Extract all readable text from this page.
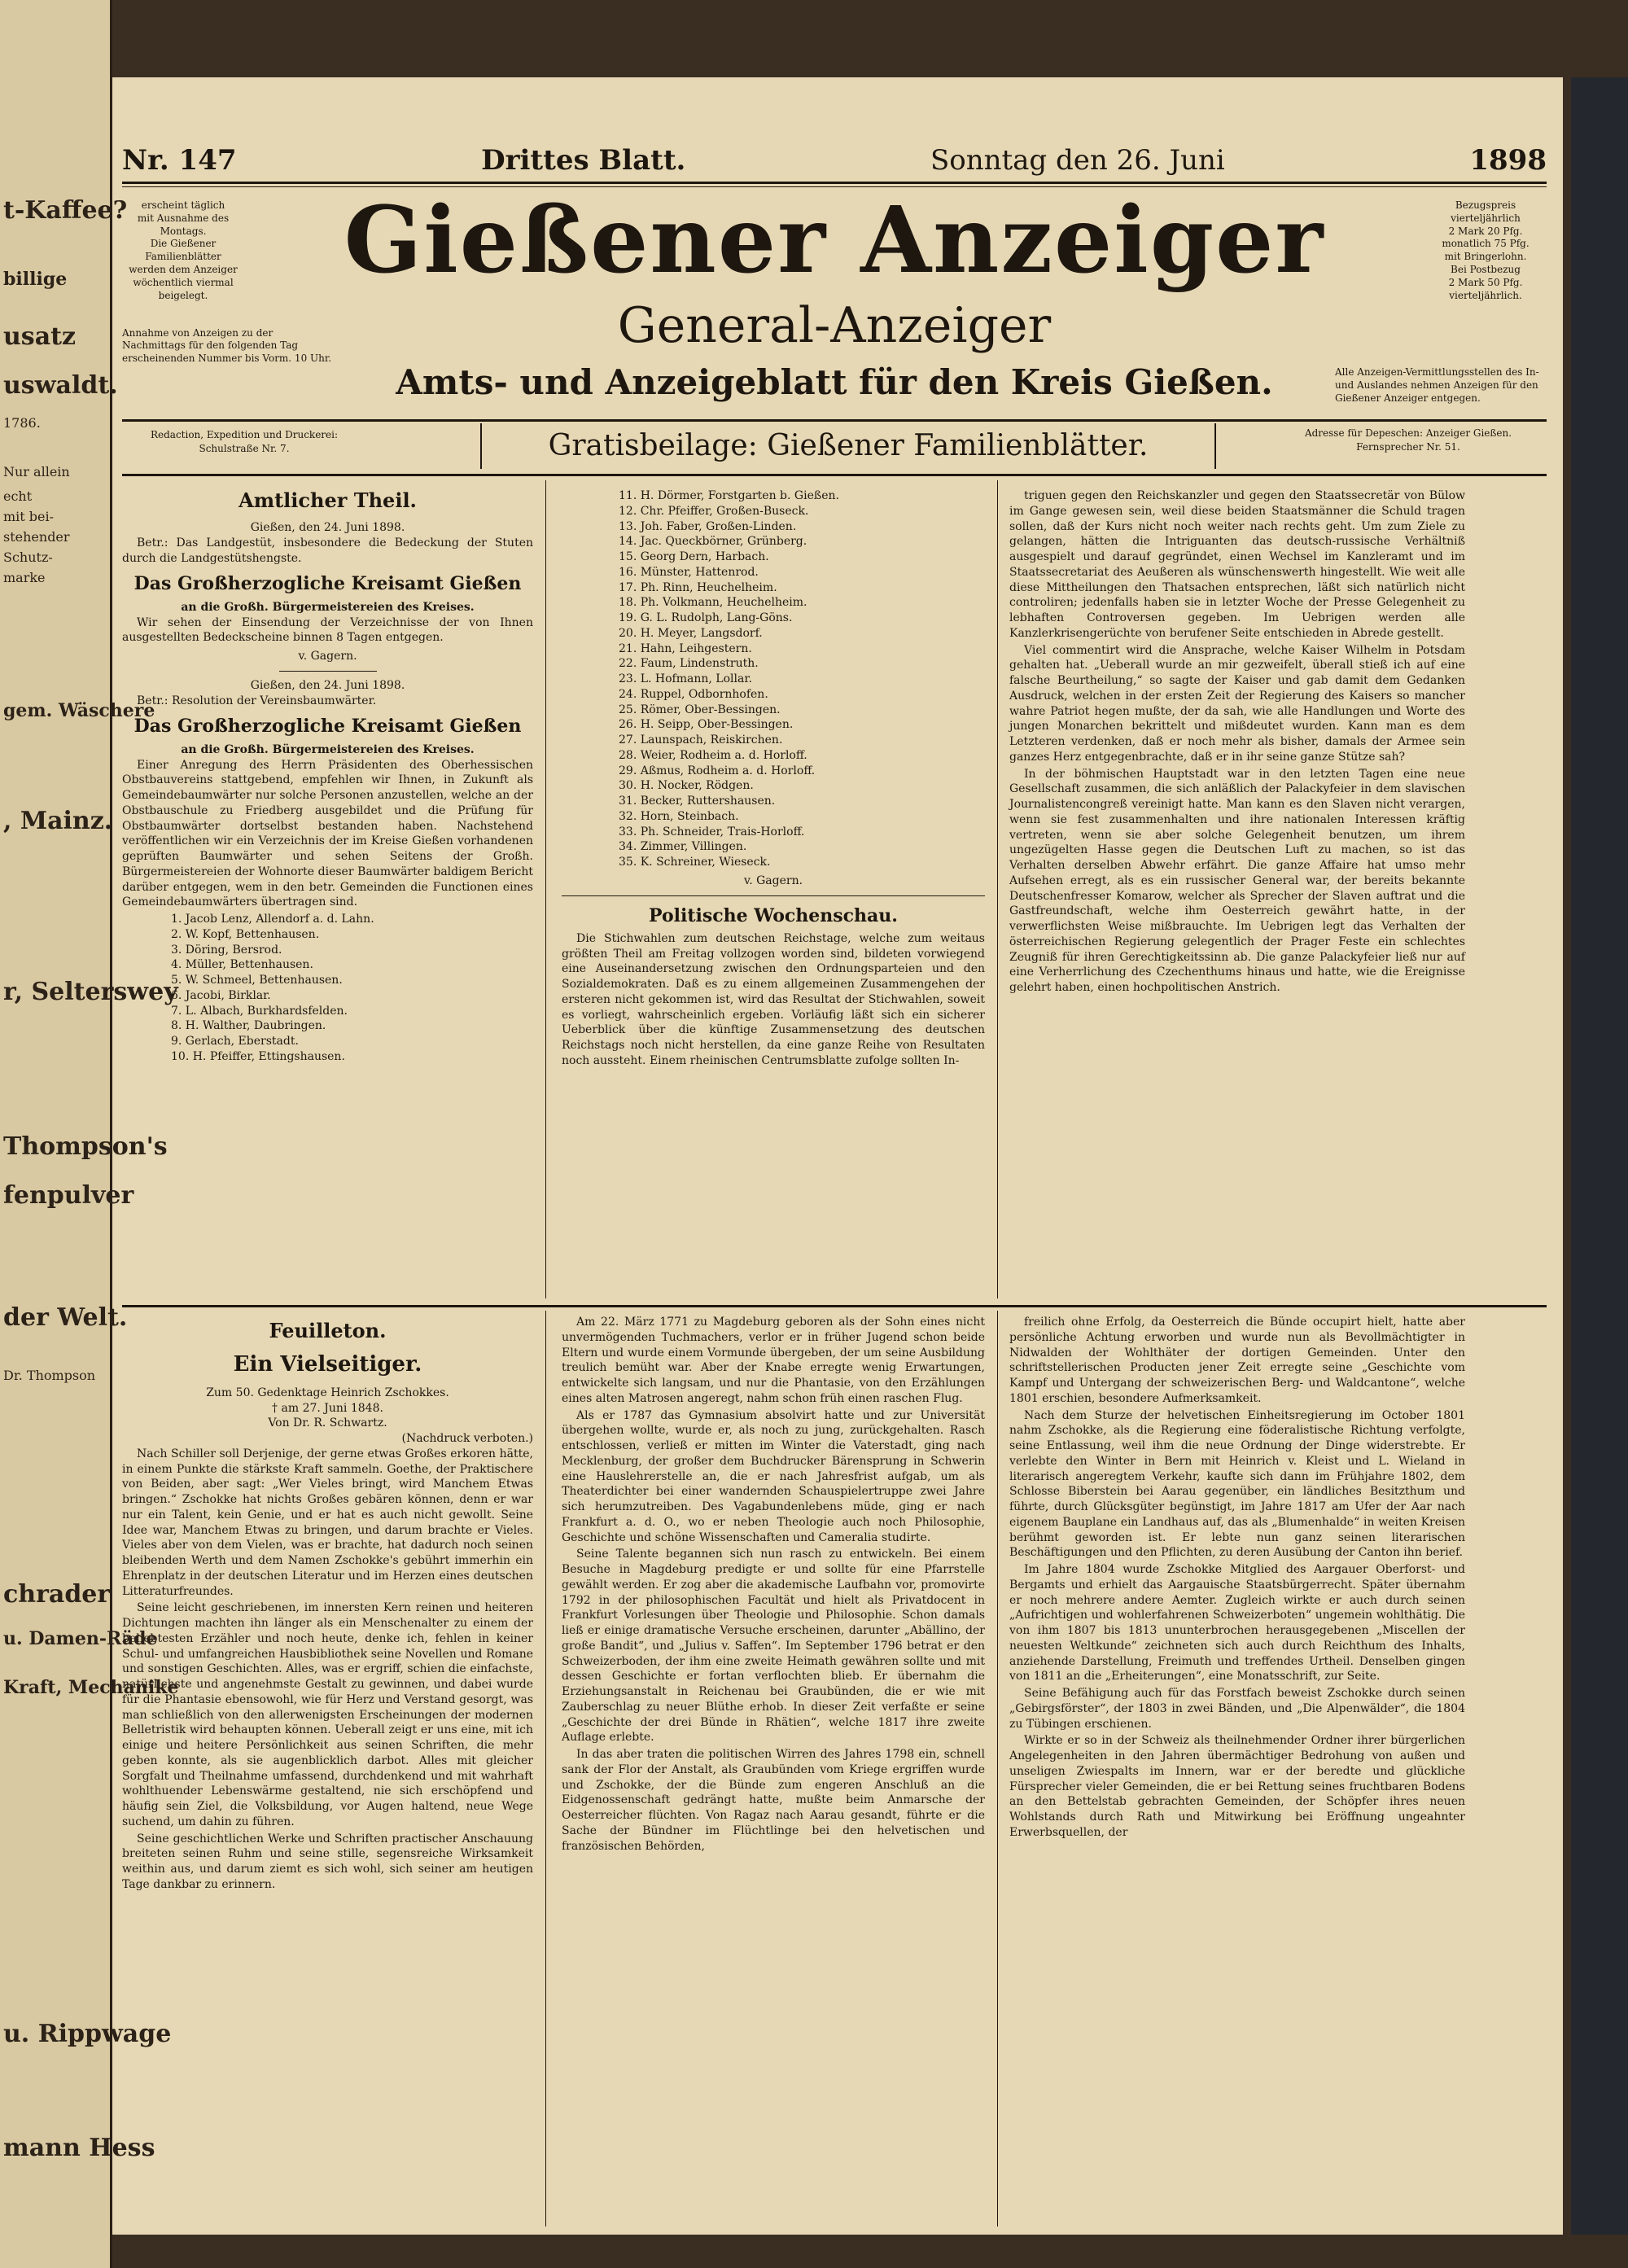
Nr. 147	Drittes Blatt.	Sonntag den 26. Juni	1898
erscheint täglich
mit Ausnahme des
Montags.
Die Gießener
Familienblätter
werden dem Anzeiger
wöchentlich viermal
beigelegt.
Annahme von Anzeigen zu der Nachmittags für den folgenden Tag erscheinenden Nummer bis Vorm. 10 Uhr.
Gießener Anzeiger
General-Anzeiger
Amts- und Anzeigeblatt für den Kreis Gießen.
Bezugspreis
vierteljährlich
2 Mark 20 Pfg.
monatlich 75 Pfg.
mit Bringerlohn.
Bei Postbezug
2 Mark 50 Pfg.
vierteljährlich.
Alle Anzeigen-Vermittlungsstellen des In- und Auslandes nehmen Anzeigen für den Gießener Anzeiger entgegen.
Redaction, Expedition und Druckerei: Schulstraße Nr. 7.	Gratisbeilage: Gießener Familienblätter.	Adresse für Depeschen: Anzeiger Gießen. Fernsprecher Nr. 51.
Amtlicher Theil.
Gießen, den 24. Juni 1898.

Betr.: Das Landgestüt, insbesondere die Bedeckung der Stuten durch die Landgestütshengste.

Das Großherzogliche Kreisamt Gießen
an die Großh. Bürgermeistereien des Kreises.

Wir sehen der Einsendung der Verzeichnisse der von Ihnen ausgestellten Bedeckscheine binnen 8 Tagen entgegen.

v. Gagern.
Gießen, den 24. Juni 1898.

Betr.: Resolution der Vereinsbaumwärter.

Das Großherzogliche Kreisamt Gießen
an die Großh. Bürgermeistereien des Kreises.

Einer Anregung des Herrn Präsidenten des Oberhessischen Obstbauvereins stattgebend, empfehlen wir Ihnen, in Zukunft als Gemeindebaumwärter nur solche Personen anzustellen, welche an der Obstbauschule zu Friedberg ausgebildet und die Prüfung für Obstbaumwärter dortselbst bestanden haben. Nachstehend veröffentlichen wir ein Verzeichnis der im Kreise Gießen vorhandenen geprüften Baumwärter und sehen Seitens der Großh. Bürgermeistereien der Wohnorte dieser Baumwärter baldigem Bericht darüber entgegen, wem in den betr. Gemeinden die Functionen eines Gemeindebaumwärters übertragen sind.

1. Jacob Lenz, Allendorf a. d. Lahn.
2. W. Kopf, Bettenhausen.
3. Döring, Bersrod.
4. Müller, Bettenhausen.
5. W. Schmeel, Bettenhausen.
6. Jacobi, Birklar.
7. L. Albach, Burkhardsfelden.
8. H. Walther, Daubringen.
9. Gerlach, Eberstadt.
10. H. Pfeiffer, Ettingshausen.
11. H. Dörmer, Forstgarten b. Gießen.
12. Chr. Pfeiffer, Großen-Buseck.
13. Joh. Faber, Großen-Linden.
14. Jac. Queckbörner, Grünberg.
15. Georg Dern, Harbach.
16. Münster, Hattenrod.
17. Ph. Rinn, Heuchelheim.
18. Ph. Volkmann, Heuchelheim.
19. G. L. Rudolph, Lang-Göns.
20. H. Meyer, Langsdorf.
21. Hahn, Leihgestern.
22. Faum, Lindenstruth.
23. L. Hofmann, Lollar.
24. Ruppel, Odbornhofen.
25. Römer, Ober-Bessingen.
26. H. Seipp, Ober-Bessingen.
27. Launspach, Reiskirchen.
28. Weier, Rodheim a. d. Horloff.
29. Aßmus, Rodheim a. d. Horloff.
30. H. Nocker, Rödgen.
31. Becker, Ruttershausen.
32. Horn, Steinbach.
33. Ph. Schneider, Trais-Horloff.
34. Zimmer, Villingen.
35. K. Schreiner, Wieseck.
v. Gagern.
Politische Wochenschau.

Die Stichwahlen zum deutschen Reichstage, welche zum weitaus größten Theil am Freitag vollzogen worden sind, bildeten vorwiegend eine Auseinandersetzung zwischen den Ordnungsparteien und den Sozialdemokraten. Daß es zu einem allgemeinen Zusammengehen der ersteren nicht gekommen ist, wird das Resultat der Stichwahlen, soweit es vorliegt, wahrscheinlich ergeben. Vorläufig läßt sich ein sicherer Ueberblick über die künftige Zusammensetzung des deutschen Reichstags noch nicht herstellen, da eine ganze Reihe von Resultaten noch aussteht. Einem rheinischen Centrumsblatte zufolge sollten In-

triguen gegen den Reichskanzler und gegen den Staatssecretär von Bülow im Gange gewesen sein, weil diese beiden Staatsmänner die Schuld tragen sollen, daß der Kurs nicht noch weiter nach rechts geht. Um zum Ziele zu gelangen, hätten die Intriguanten das deutsch-russische Verhältniß ausgespielt und darauf gegründet, einen Wechsel im Kanzleramt und im Staatssecretariat des Aeußeren als wünschenswerth hingestellt. Wie weit alle diese Mittheilungen den Thatsachen entsprechen, läßt sich natürlich nicht controliren; jedenfalls haben sie in letzter Woche der Presse Gelegenheit zu lebhaften Controversen gegeben. Im Uebrigen werden alle Kanzlerkrisengerüchte von berufener Seite entschieden in Abrede gestellt.

Viel commentirt wird die Ansprache, welche Kaiser Wilhelm in Potsdam gehalten hat. „Ueberall wurde an mir gezweifelt, überall stieß ich auf eine falsche Beurtheilung,“ so sagte der Kaiser und gab damit dem Gedanken Ausdruck, welchen in der ersten Zeit der Regierung des Kaisers so mancher wahre Patriot hegen mußte, der da sah, wie alle Handlungen und Worte des jungen Monarchen bekrittelt und mißdeutet wurden. Kann man es dem Letzteren verdenken, daß er noch mehr als bisher, damals der Armee sein ganzes Herz entgegenbrachte, daß er in ihr seine ganze Stütze sah?

In der böhmischen Hauptstadt war in den letzten Tagen eine neue Gesellschaft zusammen, die sich anläßlich der Palackyfeier in dem slavischen Journalistencongreß vereinigt hatte. Man kann es den Slaven nicht verargen, wenn sie fest zusammenhalten und ihre nationalen Interessen kräftig vertreten, wenn sie aber solche Gelegenheit benutzen, um ihrem ungezügelten Hasse gegen die Deutschen Luft zu machen, so ist das Verhalten derselben Abwehr erfährt. Die ganze Affaire hat umso mehr Aufsehen erregt, als es ein russischer General war, der bereits bekannte Deutschenfresser Komarow, welcher als Sprecher der Slaven auftrat und die Gastfreundschaft, welche ihm Oesterreich gewährt hatte, in der verwerflichsten Weise mißbrauchte. Im Uebrigen legt das Verhalten der österreichischen Regierung gelegentlich der Prager Feste ein schlechtes Zeugniß für ihren Gerechtigkeitssinn ab. Die ganze Palackyfeier ließ nur auf eine Verherrlichung des Czechenthums hinaus und hatte, wie die Ereignisse gelehrt haben, einen hochpolitischen Anstrich.

Feuilleton.
Ein Vielseitiger.
Zum 50. Gedenktage Heinrich Zschokkes.
† am 27. Juni 1848.
Von Dr. R. Schwartz.
(Nachdruck verboten.)

Nach Schiller soll Derjenige, der gerne etwas Großes erkoren hätte, in einem Punkte die stärkste Kraft sammeln. Goethe, der Praktischere von Beiden, aber sagt: „Wer Vieles bringt, wird Manchem Etwas bringen.“ Zschokke hat nichts Großes gebären können, denn er war nur ein Talent, kein Genie, und er hat es auch nicht gewollt. Seine Idee war, Manchem Etwas zu bringen, und darum brachte er Vieles. Vieles aber von dem Vielen, was er brachte, hat dadurch noch seinen bleibenden Werth und dem Namen Zschokke's gebührt immerhin ein Ehrenplatz in der deutschen Literatur und im Herzen eines deutschen Litteraturfreundes.

Seine leicht geschriebenen, im innersten Kern reinen und heiteren Dichtungen machten ihn länger als ein Menschenalter zu einem der beliebtesten Erzähler und noch heute, denke ich, fehlen in keiner Schul- und umfangreichen Hausbibliothek seine Novellen und Romane und sonstigen Geschichten. Alles, was er ergriff, schien die einfachste, natürlichste und angenehmste Gestalt zu gewinnen, und dabei wurde für die Phantasie ebensowohl, wie für Herz und Verstand gesorgt, was man schließlich von den allerwenigsten Erscheinungen der modernen Belletristik wird behaupten können. Ueberall zeigt er uns eine, mit ich einige und heitere Persönlichkeit aus seinen Schriften, die mehr geben konnte, als sie augenblicklich darbot. Alles mit gleicher Sorgfalt und Theilnahme umfassend, durchdenkend und mit wahrhaft wohlthuender Lebenswärme gestaltend, nie sich erschöpfend und häufig sein Ziel, die Volksbildung, vor Augen haltend, neue Wege suchend, um dahin zu führen.

Seine geschichtlichen Werke und Schriften practischer Anschauung breiteten seinen Ruhm und seine stille, segensreiche Wirksamkeit weithin aus, und darum ziemt es sich wohl, sich seiner am heutigen Tage dankbar zu erinnern.

Am 22. März 1771 zu Magdeburg geboren als der Sohn eines nicht unvermögenden Tuchmachers, verlor er in früher Jugend schon beide Eltern und wurde einem Vormunde übergeben, der um seine Ausbildung treulich bemüht war. Aber der Knabe erregte wenig Erwartungen, entwickelte sich langsam, und nur die Phantasie, von den Erzählungen eines alten Matrosen angeregt, nahm schon früh einen raschen Flug.

Als er 1787 das Gymnasium absolvirt hatte und zur Universität übergehen wollte, wurde er, als noch zu jung, zurückgehalten. Rasch entschlossen, verließ er mitten im Winter die Vaterstadt, ging nach Mecklenburg, der großer dem Buchdrucker Bärensprung in Schwerin eine Hauslehrerstelle an, die er nach Jahresfrist aufgab, um als Theaterdichter bei einer wandernden Schauspielertruppe zwei Jahre sich herumzutreiben. Des Vagabundenlebens müde, ging er nach Frankfurt a. d. O., wo er neben Theologie auch noch Philosophie, Geschichte und schöne Wissenschaften und Cameralia studirte.

Seine Talente begannen sich nun rasch zu entwickeln. Bei einem Besuche in Magdeburg predigte er und sollte für eine Pfarrstelle gewählt werden. Er zog aber die akademische Laufbahn vor, promovirte 1792 in der philosophischen Facultät und hielt als Privatdocent in Frankfurt Vorlesungen über Theologie und Philosophie. Schon damals ließ er einige dramatische Versuche erscheinen, darunter „Abällino, der große Bandit“, und „Julius v. Saffen“. Im September 1796 betrat er den Schweizerboden, der ihm eine zweite Heimath gewähren sollte und mit dessen Geschichte er fortan verflochten blieb. Er übernahm die Erziehungsanstalt in Reichenau bei Graubünden, die er wie mit Zauberschlag zu neuer Blüthe erhob. In dieser Zeit verfaßte er seine „Geschichte der drei Bünde in Rhätien“, welche 1817 ihre zweite Auflage erlebte.

In das aber traten die politischen Wirren des Jahres 1798 ein, schnell sank der Flor der Anstalt, als Graubünden vom Kriege ergriffen wurde und Zschokke, der die Bünde zum engeren Anschluß an die Eidgenossenschaft gedrängt hatte, mußte beim Anmarsche der Oesterreicher flüchten. Von Ragaz nach Aarau gesandt, führte er die Sache der Bündner im Flüchtlinge bei den helvetischen und französischen Behörden,

freilich ohne Erfolg, da Oesterreich die Bünde occupirt hielt, hatte aber persönliche Achtung erworben und wurde nun als Bevollmächtigter in Nidwalden der Wohlthäter der dortigen Gemeinden. Unter den schriftstellerischen Producten jener Zeit erregte seine „Geschichte vom Kampf und Untergang der schweizerischen Berg- und Waldcantone“, welche 1801 erschien, besondere Aufmerksamkeit.

Nach dem Sturze der helvetischen Einheitsregierung im October 1801 nahm Zschokke, als die Regierung eine föderalistische Richtung verfolgte, seine Entlassung, weil ihm die neue Ordnung der Dinge widerstrebte. Er verlebte den Winter in Bern mit Heinrich v. Kleist und L. Wieland in literarisch angeregtem Verkehr, kaufte sich dann im Frühjahre 1802, dem Schlosse Biberstein bei Aarau gegenüber, ein ländliches Besitzthum und führte, durch Glücksgüter begünstigt, im Jahre 1817 am Ufer der Aar nach eigenem Bauplane ein Landhaus auf, das als „Blumenhalde“ in weiten Kreisen berühmt geworden ist. Er lebte nun ganz seinen literarischen Beschäftigungen und den Pflichten, zu deren Ausübung der Canton ihn berief.

Im Jahre 1804 wurde Zschokke Mitglied des Aargauer Oberforst- und Bergamts und erhielt das Aargauische Staatsbürgerrecht. Später übernahm er noch mehrere andere Aemter. Zugleich wirkte er auch durch seinen „Aufrichtigen und wohlerfahrenen Schweizerboten“ ungemein wohlthätig. Die von ihm 1807 bis 1813 ununterbrochen herausgegebenen „Miscellen der neuesten Weltkunde“ zeichneten sich auch durch Reichthum des Inhalts, anziehende Darstellung, Freimuth und treffendes Urtheil. Denselben gingen von 1811 an die „Erheiterungen“, eine Monatsschrift, zur Seite.

Seine Befähigung auch für das Forstfach beweist Zschokke durch seinen „Gebirgsförster“, der 1803 in zwei Bänden, und „Die Alpenwälder“, die 1804 zu Tübingen erschienen.

Wirkte er so in der Schweiz als theilnehmender Ordner ihrer bürgerlichen Angelegenheiten in den Jahren übermächtiger Bedrohung von außen und unseligen Zwiespalts im Innern, war er der beredte und glückliche Fürsprecher vieler Gemeinden, die er bei Rettung seines fruchtbaren Bodens an den Bettelstab gebrachten Gemeinden, der Schöpfer ihres neuen Wohlstands durch Rath und Mitwirkung bei Eröffnung ungeahnter Erwerbsquellen, der

t-Kaffee?
billige
usatz
uswaldt.
1786.
Nur allein
echt
mit bei-
stehender
Schutz-
marke
gem. Wäschere
, Mainz.
r, Selterswey
Thompson's
fenpulver
der Welt.
Dr. Thompson
chrader
u. Damen-Räde
Kraft, Mechanike
u. Rippwage
mann Hess
